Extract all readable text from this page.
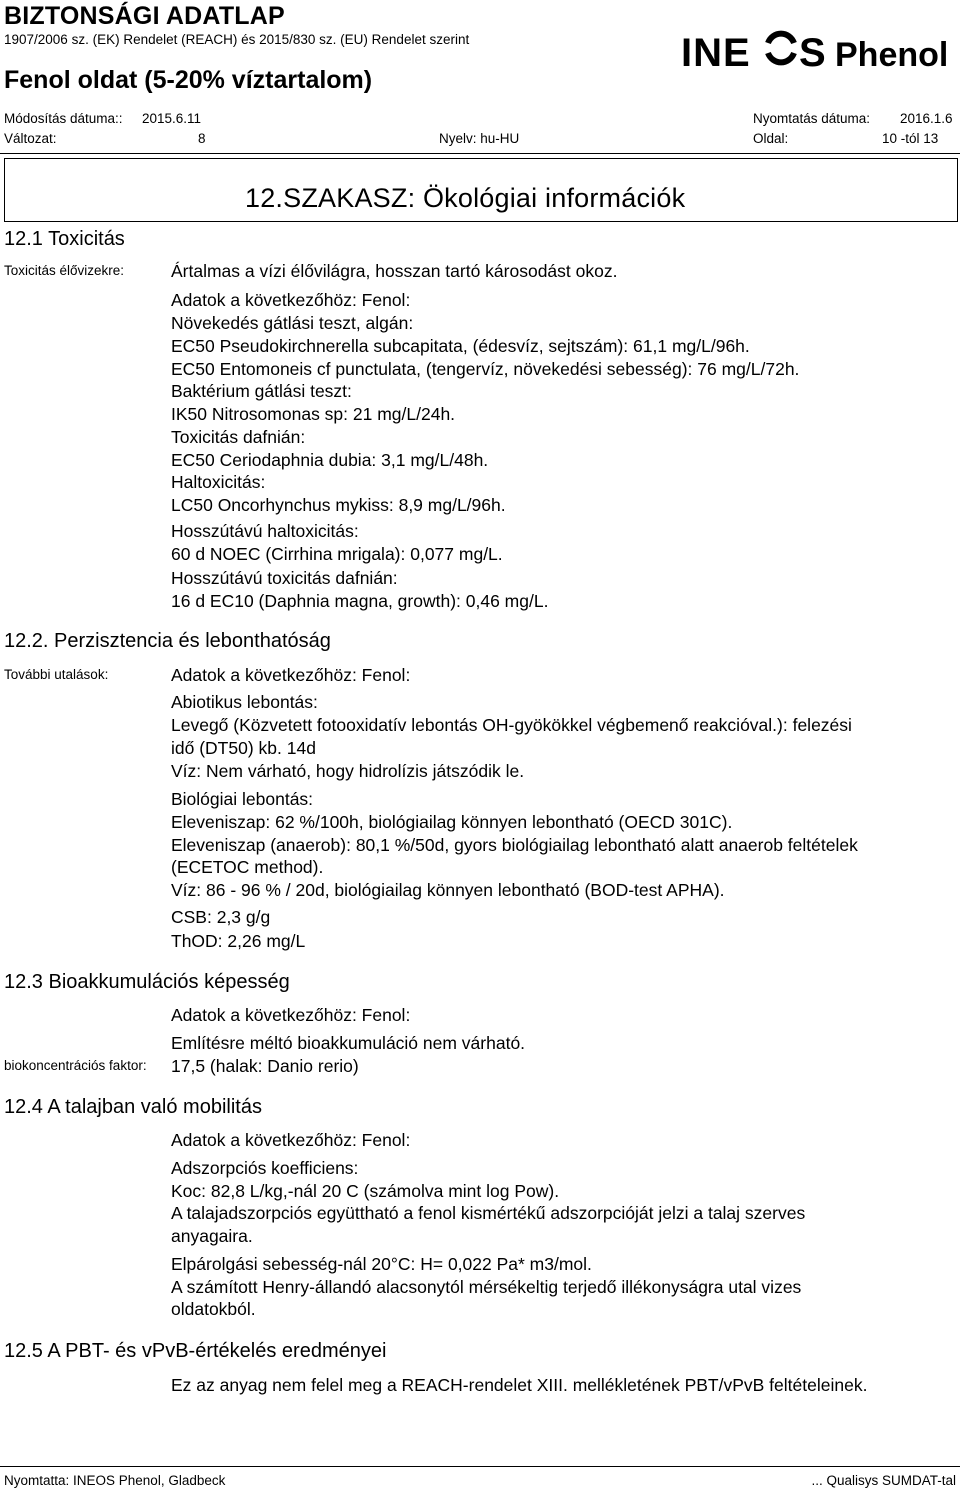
BIZTONSÁGI ADATLAP
1907/2006 sz. (EK) Rendelet (REACH) és 2015/830 sz. (EU) Rendelet szerint
Fenol oldat (5-20% víztartalom)
INE S Phenol
Módosítás dátuma:: 2015.6.11	Nyomtatás dátuma: 2016.1.6
Változat:	8	Nyelv: hu-HU	Oldal:	10 -tól 13
12.SZAKASZ: Ökológiai információk
12.1 Toxicitás
Toxicitás élővizekre:	Ártalmas a vízi élővilágra, hosszan tartó károsodást okoz.
Adatok a következőhöz: Fenol:
Növekedés gátlási teszt, algán:
EC50 Pseudokirchnerella subcapitata, (édesvíz, sejtszám): 61,1 mg/L/96h.
EC50 Entomoneis cf punctulata, (tengervíz, növekedési sebesség): 76 mg/L/72h.
Baktérium gátlási teszt:
IK50 Nitrosomonas sp: 21 mg/L/24h.
Toxicitás dafnián:
EC50 Ceriodaphnia dubia: 3,1 mg/L/48h.
Haltoxicitás:
LC50 Oncorhynchus mykiss: 8,9 mg/L/96h.
Hosszútávú haltoxicitás:
60 d NOEC (Cirrhina mrigala): 0,077 mg/L.
Hosszútávú toxicitás dafnián:
16 d EC10 (Daphnia magna, growth): 0,46 mg/L.
12.2. Perzisztencia és lebonthatóság
További utalások:	Adatok a következőhöz: Fenol:
Abiotikus lebontás:
Levegő (Közvetett fotooxidatív lebontás OH-gyökökkel végbemenő reakcióval.): felezési
idő (DT50) kb. 14d
Víz: Nem várható, hogy hidrolízis játszódik le.
Biológiai lebontás:
Eleveniszap: 62 %/100h, biológiailag könnyen lebontható (OECD 301C).
Eleveniszap (anaerob): 80,1 %/50d, gyors biológiailag lebontható alatt anaerob feltételek
(ECETOC method).
Víz: 86 - 96 % / 20d, biológiailag könnyen lebontható (BOD-test APHA).
CSB: 2,3 g/g
ThOD: 2,26 mg/L
12.3 Bioakkumulációs képesség
Adatok a következőhöz: Fenol:
Említésre méltó bioakkumuláció nem várható.
biokoncentrációs faktor: 17,5 (halak: Danio rerio)
12.4 A talajban való mobilitás
Adatok a következőhöz: Fenol:
Adszorpciós koefficiens:
Koc: 82,8 L/kg,-nál 20 C (számolva mint log Pow).
A talajadszorpciós együttható a fenol kismértékű adszorpcióját jelzi a talaj szerves
anyagaira.
Elpárolgási sebesség-nál 20°C: H= 0,022 Pa* m3/mol.
A számított Henry-állandó alacsonytól mérsékeltig terjedő illékonyságra utal vizes
oldatokból.
12.5 A PBT- és vPvB-értékelés eredményei
Ez az anyag nem felel meg a REACH-rendelet XIII. mellékletének PBT/vPvB feltételeinek.
Nyomtatta: INEOS Phenol, Gladbeck	... Qualisys SUMDAT-tal
